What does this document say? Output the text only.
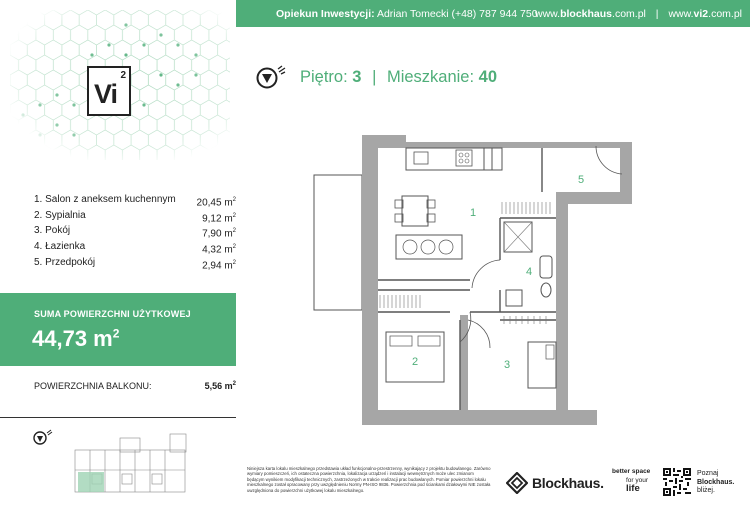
Opiekun Inwestycji: Adrian Tomecki (+48) 787 944 750
www.blockhaus.com.pl | www.vi2.com.pl
Vi
2	Piętro: 3 | Mieszkanie: 40
1. Salon z aneksem kuchennym 20,45 $m^2$
2. Sypialnia	9,12 $m^2$
3. Pokój	7,90 $m^2$
4. Łazienka	4,32 $m^2$
5. Przedpokój	2,94 $m^2$
SUMA POWIERZCHNI UŻYTKOWEJ
44,73 $m^2$
POWIERZCHNIA BALKONU:	5,56 $m^2$
1
2	3
4
5
Niniejsza karta lokalu mieszkalnego przedstawia układ funkcjonalno-przestrzenny, wynikający z projektu budowlanego. Zarówno wymiary pomieszczeń, ich ostateczna powierzchnia, lokalizacja urządzeń i instalacji wewnętrznych może ulec zmianom będącym wynikiem modyfikacji technicznych, zastrzeżonych w trakcie realizacji prac budowlanych. Pomiar powierzchni lokalu mieszkalnego został opracowany przy uwzględnieniu Normy PN-ISO 9836. Powierzchnia pod ściankami działowymi NIE została uwzględniona do powierzchni użytkowej lokalu mieszkalnego.	Blockhaus.
better space
for your
life
Poznaj
Blockhaus.
bliżej.
